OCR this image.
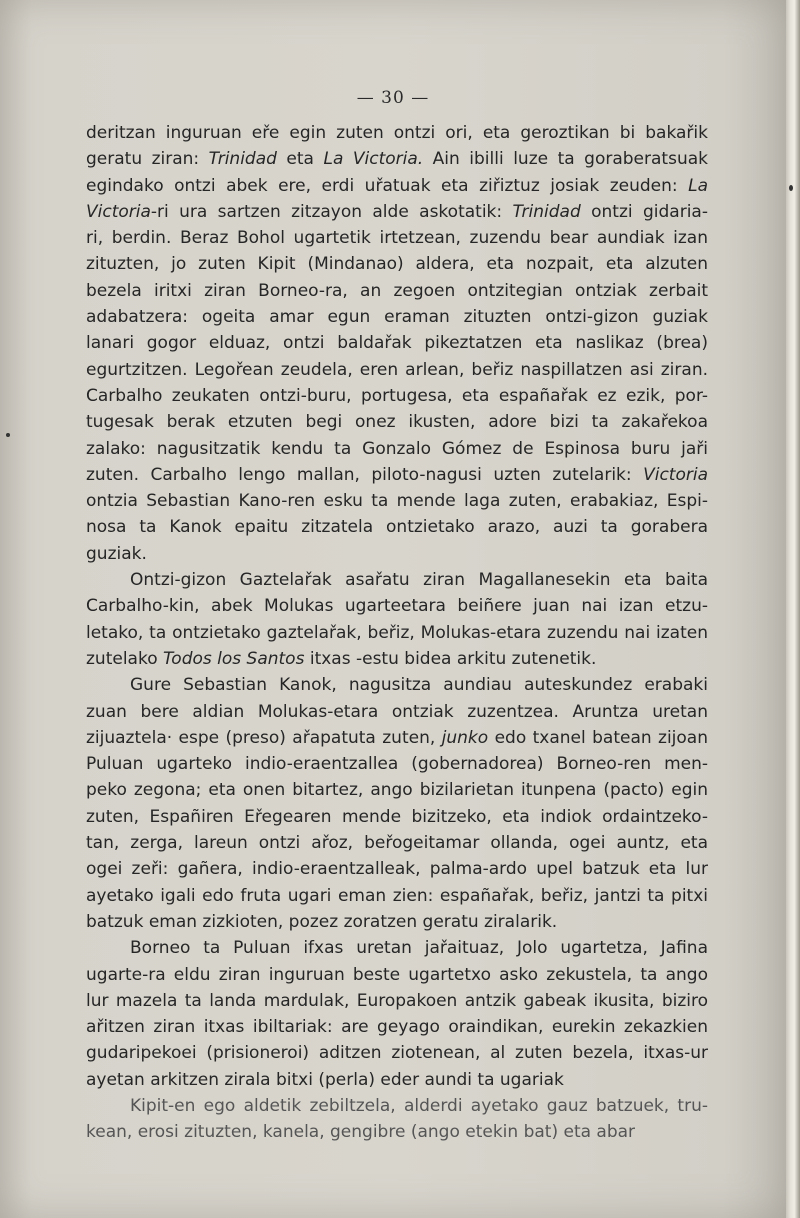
— 30 —
deritzan inguruan eře egin zuten ontzi ori, eta geroztikan bi bakařik
geratu ziran: Trinidad eta La Victoria. Ain ibilli luze ta goraberatsuak
egindako ontzi abek ere, erdi uřatuak eta ziřiztuz josiak zeuden: La
Victoria-ri ura sartzen zitzayon alde askotatik: Trinidad ontzi gidaria-
ri, berdin. Beraz Bohol ugartetik irtetzean, zuzendu bear aundiak izan
zituzten, jo zuten Kipit (Mindanao) aldera, eta nozpait, eta alzuten
bezela iritxi ziran Borneo-ra, an zegoen ontzitegian ontziak zerbait
adabatzera: ogeita amar egun eraman zituzten ontzi-gizon guziak
lanari gogor elduaz, ontzi baldařak pikeztatzen eta naslikaz (brea)
egurtzitzen. Legořean zeudela, eren arlean, beřiz naspillatzen asi ziran.
Carbalho zeukaten ontzi-buru, portugesa, eta españařak ez ezik, por-
tugesak berak etzuten begi onez ikusten, adore bizi ta zakařekoa
zalako: nagusitzatik kendu ta Gonzalo Gómez de Espinosa buru jaři
zuten. Carbalho lengo mallan, piloto-nagusi uzten zutelarik: Victoria
ontzia Sebastian Kano-ren esku ta mende laga zuten, erabakiaz, Espi-
nosa ta Kanok epaitu zitzatela ontzietako arazo, auzi ta gorabera
guziak.
Ontzi-gizon Gaztelařak asařatu ziran Magallanesekin eta baita
Carbalho-kin, abek Molukas ugarteetara beiñere juan nai izan etzu-
letako, ta ontzietako gaztelařak, beřiz, Molukas-etara zuzendu nai izaten
zutelako Todos los Santos itxas -estu bidea arkitu zutenetik.
Gure Sebastian Kanok, nagusitza aundiau auteskundez erabaki
zuan bere aldian Molukas-etara ontziak zuzentzea. Aruntza uretan
zijuaztela· espe (preso) ařapatuta zuten, junko edo txanel batean zijoan
Puluan ugarteko indio-eraentzallea (gobernadorea) Borneo-ren men-
peko zegona; eta onen bitartez, ango bizilarietan itunpena (pacto) egin
zuten, Españiren Eřegearen mende bizitzeko, eta indiok ordaintzeko-
tan, zerga, lareun ontzi ařoz, beřogeitamar ollanda, ogei auntz, eta
ogei zeři: gañera, indio-eraentzalleak, palma-ardo upel batzuk eta lur
ayetako igali edo fruta ugari eman zien: españařak, beřiz, jantzi ta pitxi
batzuk eman zizkioten, pozez zoratzen geratu ziralarik.
Borneo ta Puluan ifxas uretan jařaituaz, Jolo ugartetza, Jafina
ugarte-ra eldu ziran inguruan beste ugartetxo asko zekustela, ta ango
lur mazela ta landa mardulak, Europakoen antzik gabeak ikusita, biziro
ařitzen ziran itxas ibiltariak: are geyago oraindikan, eurekin zekazkien
gudaripekoei (prisioneroi) aditzen ziotenean, al zuten bezela, itxas-ur
ayetan arkitzen zirala bitxi (perla) eder aundi ta ugariak
Kipit-en ego aldetik zebiltzela, alderdi ayetako gauz batzuek, tru-
kean, erosi zituzten, kanela, gengibre (ango etekin bat) eta abar
